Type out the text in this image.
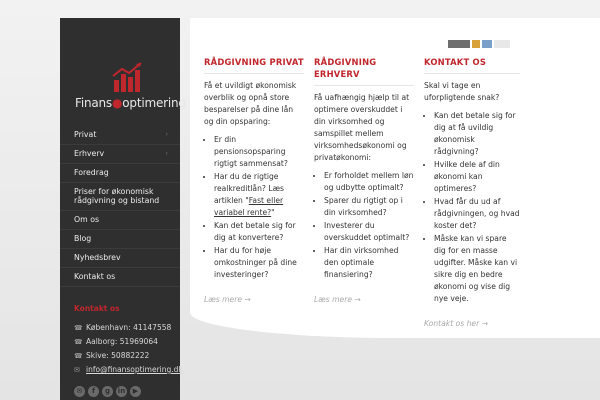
Finans●optimering
Privat	›
Erhverv	›
Foredrag
Priser for økonomisk rådgivning og bistand
Om os
Blog
Nyhedsbrev
Kontakt os
Kontakt os
☎ København: 41147558
☎ Aalborg: 51969064
☎ Skive: 50882222
✉ info@finansoptimering.dk
✉ f g in ▶
RÅDGIVNING PRIVAT

Få et uvildigt økonomisk overblik og opnå store besparelser på dine lån og din opsparing:

• Er din pensionsopsparing rigtigt sammensat?
• Har du de rigtige realkreditlån? Læs artiklen "Fast eller variabel rente?"
• Kan det betale sig for dig at konvertere?
• Har du for høje omkostninger på dine investeringer?
Læs mere →
RÅDGIVNING ERHVERV

Få uafhængig hjælp til at optimere overskuddet i din virksomhed og samspillet mellem virksomhedsøkonomi og privatøkonomi:

• Er forholdet mellem løn og udbytte optimalt?
• Sparer du rigtigt op i din virksomhed?
• Investerer du overskuddet optimalt?
• Har din virksomhed den optimale finansiering?
Læs mere →
KONTAKT OS

Skal vi tage en uforpligtende snak?

• Kan det betale sig for dig at få uvildig økonomisk rådgivning?
• Hvilke dele af din økonomi kan optimeres?
• Hvad får du ud af rådgivningen, og hvad koster det?
• Måske kan vi spare dig for en masse udgifter. Måske kan vi sikre dig en bedre økonomi og vise dig nye veje.
Kontakt os her →
